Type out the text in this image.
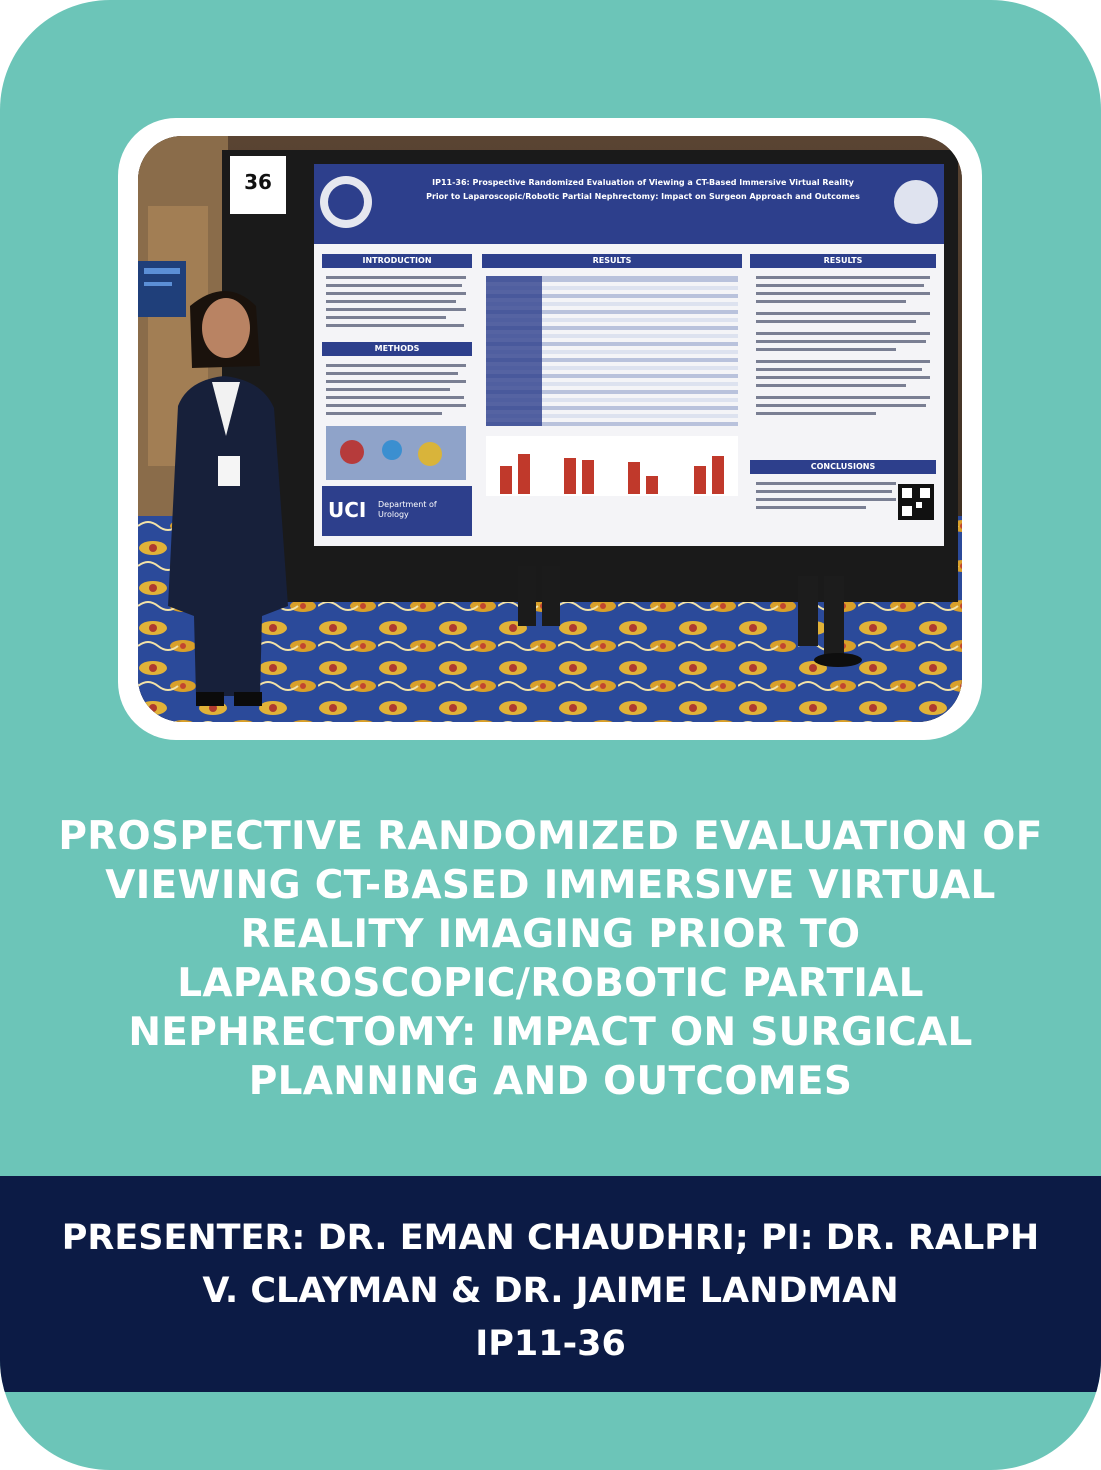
36	IP11-36: Prospective Randomized Evaluation of Viewing a CT-Based Immersive Virtual Reality
Prior to Laparoscopic/Robotic Partial Nephrectomy: Impact on Surgeon Approach and Outcomes
INTRODUCTION
METHODS
RESULTS	RESULTS
CONCLUSIONS
UCI Department of Urology
PROSPECTIVE RANDOMIZED EVALUATION OF VIEWING CT-BASED IMMERSIVE VIRTUAL REALITY IMAGING PRIOR TO LAPAROSCOPIC/ROBOTIC PARTIAL NEPHRECTOMY: IMPACT ON SURGICAL PLANNING AND OUTCOMES
PRESENTER: DR. EMAN CHAUDHRI; PI: DR. RALPH V. CLAYMAN & DR. JAIME LANDMAN
IP11-36
